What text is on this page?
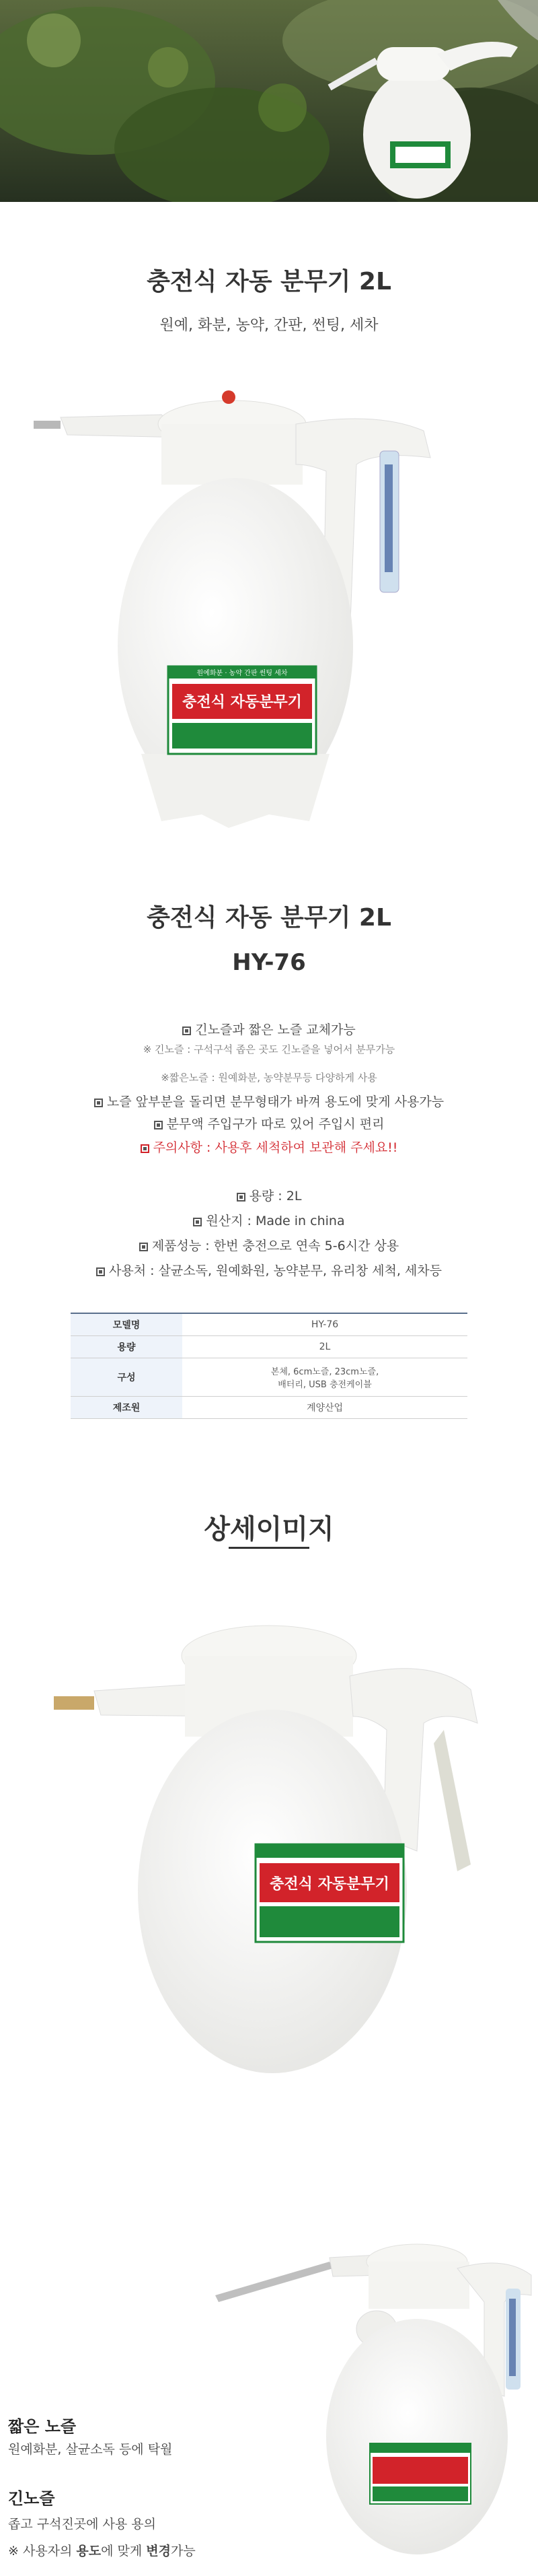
충전식 자동 분무기 2L
원예, 화분, 농약, 간판, 썬팅, 세차
원예화분 · 농약 간판 썬팅 세차
충전식 자동분무기
충전식 자동 분무기 2L
HY-76
긴노즐과 짧은 노즐 교체가능
※ 긴노즐 : 구석구석 좁은 곳도 긴노즐을 넣어서 분무가능
※짧은노즐 : 원예화분, 농약분무등 다양하게 사용
노즐 앞부분을 돌리면 분무형태가 바껴 용도에 맞게 사용가능
분무액 주입구가 따로 있어 주입시 편리
주의사항 : 사용후 세척하여 보관해 주세요!!
용량 : 2L
원산지 : Made in china
제품성능 : 한번 충전으로 연속 5-6시간 상용
사용처 : 살균소독, 원예화원, 농약분무, 유리창 세척, 세차등
모델명	HY-76
용량	2L
구성	본체, 6cm노즐, 23cm노즐,
배터리, USB 충전케이블
제조원	계양산업
상세이미지
충전식 자동분무기
짧은 노즐
원예화분, 살균소독 등에 탁월
긴노즐
좁고 구석진곳에 사용 용의
※ 사용자의 용도에 맞게 변경가능
